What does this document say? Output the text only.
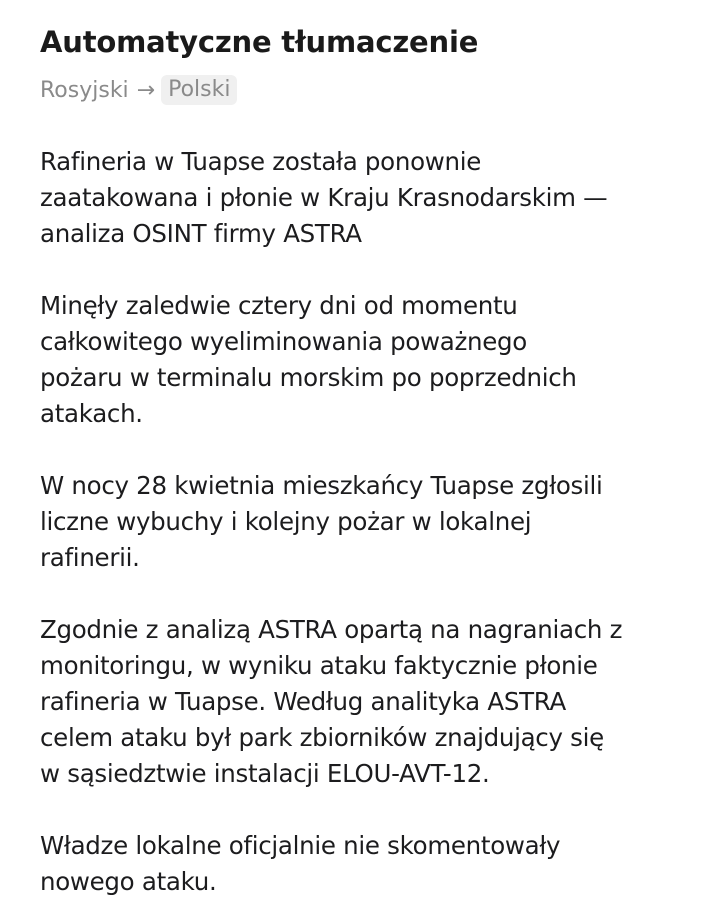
Automatyczne tłumaczenie
Rosyjski → Polski

Rafineria w Tuapse została ponownie
zaatakowana i płonie w Kraju Krasnodarskim —
analiza OSINT firmy ASTRA

Minęły zaledwie cztery dni od momentu
całkowitego wyeliminowania poważnego
pożaru w terminalu morskim po poprzednich
atakach.

W nocy 28 kwietnia mieszkańcy Tuapse zgłosili
liczne wybuchy i kolejny pożar w lokalnej
rafinerii.

Zgodnie z analizą ASTRA opartą na nagraniach z
monitoringu, w wyniku ataku faktycznie płonie
rafineria w Tuapse. Według analityka ASTRA
celem ataku był park zbiorników znajdujący się
w sąsiedztwie instalacji ELOU-AVT-12.

Władze lokalne oficjalnie nie skomentowały
nowego ataku.
